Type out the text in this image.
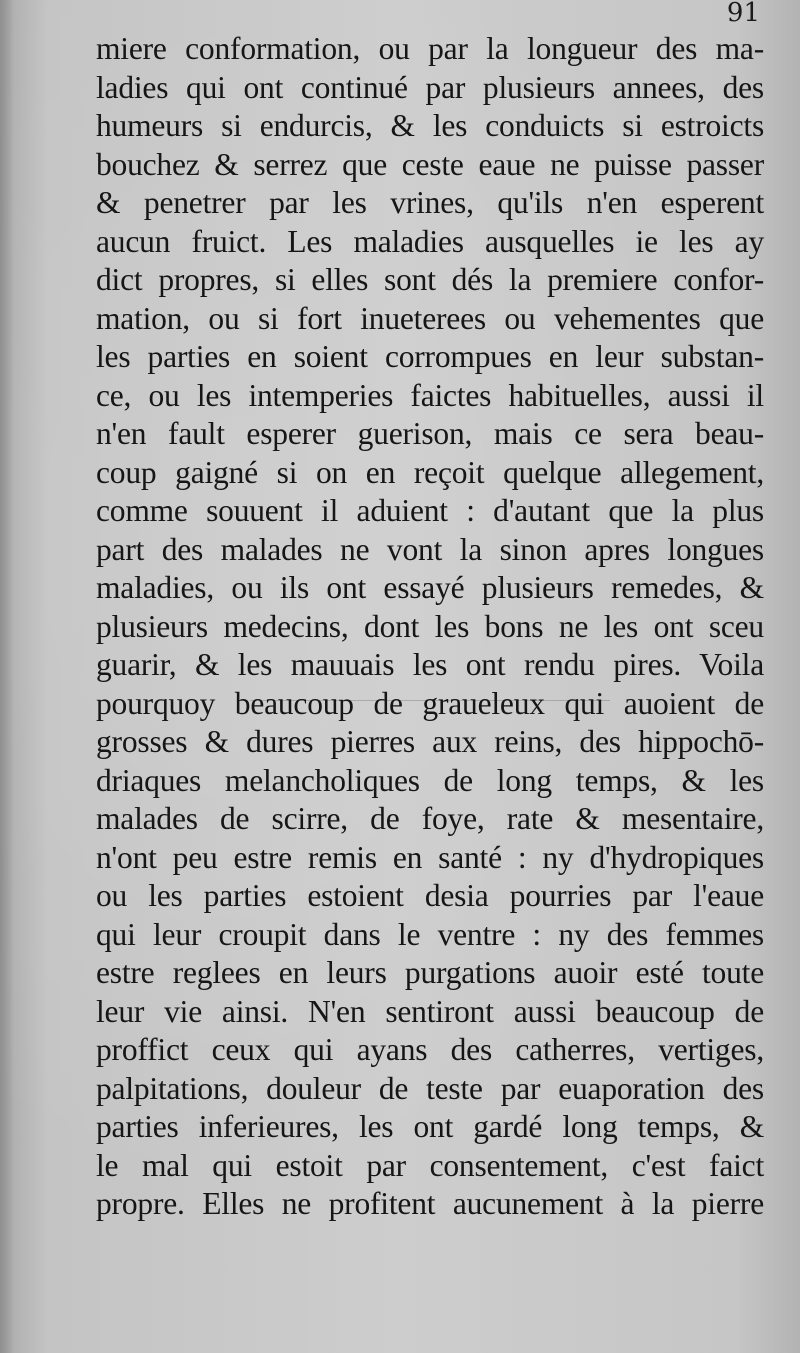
91
miere conformation, ou par la longueur des ma-
ladies qui ont continué par plusieurs annees, des
humeurs si endurcis, & les conduicts si estroicts
bouchez & serrez que ceste eaue ne puisse passer
& penetrer par les vrines, qu'ils n'en esperent
aucun fruict. Les maladies ausquelles ie les ay
dict propres, si elles sont dés la premiere confor-
mation, ou si fort inueterees ou vehementes que
les parties en soient corrompues en leur substan-
ce, ou les intemperies faictes habituelles, aussi il
n'en fault esperer guerison, mais ce sera beau-
coup gaigné si on en reçoit quelque allegement,
comme souuent il aduient : d'autant que la plus
part des malades ne vont la sinon apres longues
maladies, ou ils ont essayé plusieurs remedes, &
plusieurs medecins, dont les bons ne les ont sceu
guarir, & les mauuais les ont rendu pires. Voila
pourquoy beaucoup de graueleux qui auoient de
grosses & dures pierres aux reins, des hippochō-
driaques melancholiques de long temps, & les
malades de scirre, de foye, rate & mesentaire,
n'ont peu estre remis en santé : ny d'hydropiques
ou les parties estoient desia pourries par l'eaue
qui leur croupit dans le ventre : ny des femmes
estre reglees en leurs purgations auoir esté toute
leur vie ainsi. N'en sentiront aussi beaucoup de
proffict ceux qui ayans des catherres, vertiges,
palpitations, douleur de teste par euaporation des
parties inferieures, les ont gardé long temps, &
le mal qui estoit par consentement, c'est faict
propre. Elles ne profitent aucunement à la pierre
